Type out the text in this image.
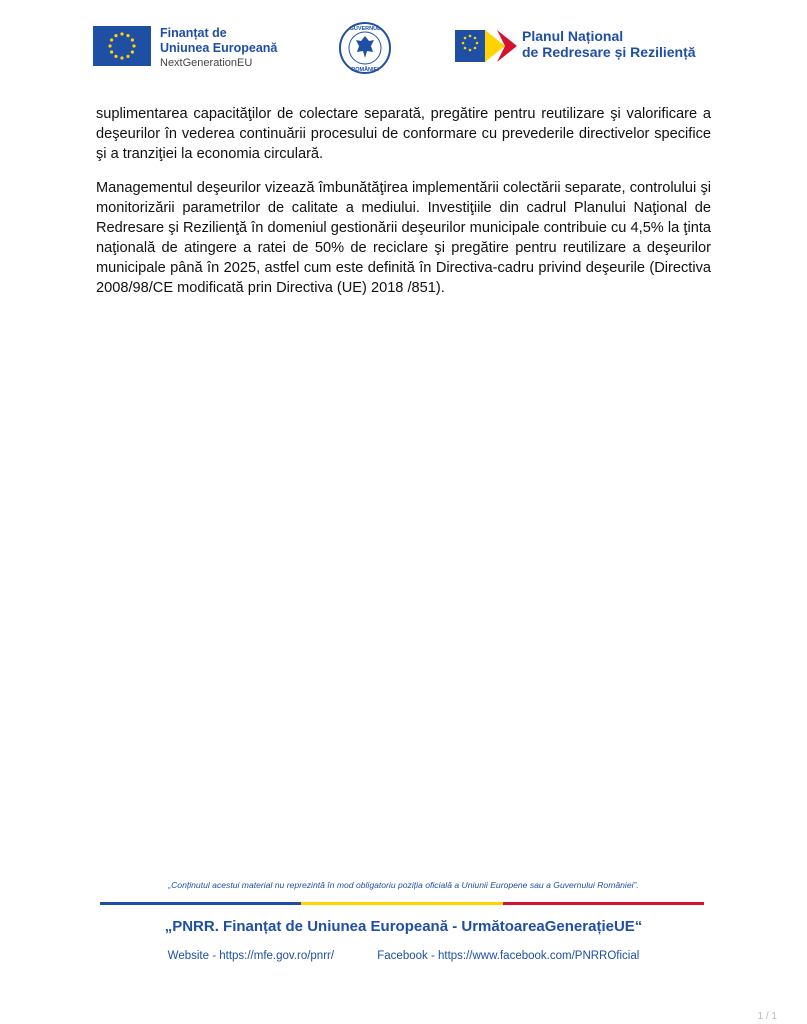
Finanțat de
Uniunea Europeană
NextGenerationEU
GUVERNUL
ROMÂNIEI
Planul Național
de Redresare și Reziliență

suplimentarea capacităţilor de colectare separată, pregătire pentru reutilizare şi valorificare a deşeurilor în vederea continuării procesului de conformare cu prevederile directivelor specifice şi a tranziţiei la economia circulară.

Managementul deşeurilor vizează îmbunătăţirea implementării colectării separate, controlului şi monitorizării parametrilor de calitate a mediului. Investiţiile din cadrul Planului Naţional de Redresare şi Rezilienţă în domeniul gestionării deşeurilor municipale contribuie cu 4,5% la ţinta naţională de atingere a ratei de 50% de reciclare şi pregătire pentru reutilizare a deşeurilor municipale până în 2025, astfel cum este definită în Directiva-cadru privind deşeurile (Directiva 2008/98/CE modificată prin Directiva (UE) 2018 /851).

„Conținutul acestui material nu reprezintă în mod obligatoriu poziția oficială a Uniunii Europene sau a Guvernului României”.
„PNRR. Finanțat de Uniunea Europeană - UrmătoareaGenerațieUE“
Website - https://mfe.gov.ro/pnrr/	Facebook - https://www.facebook.com/PNRROficial
1 / 1
